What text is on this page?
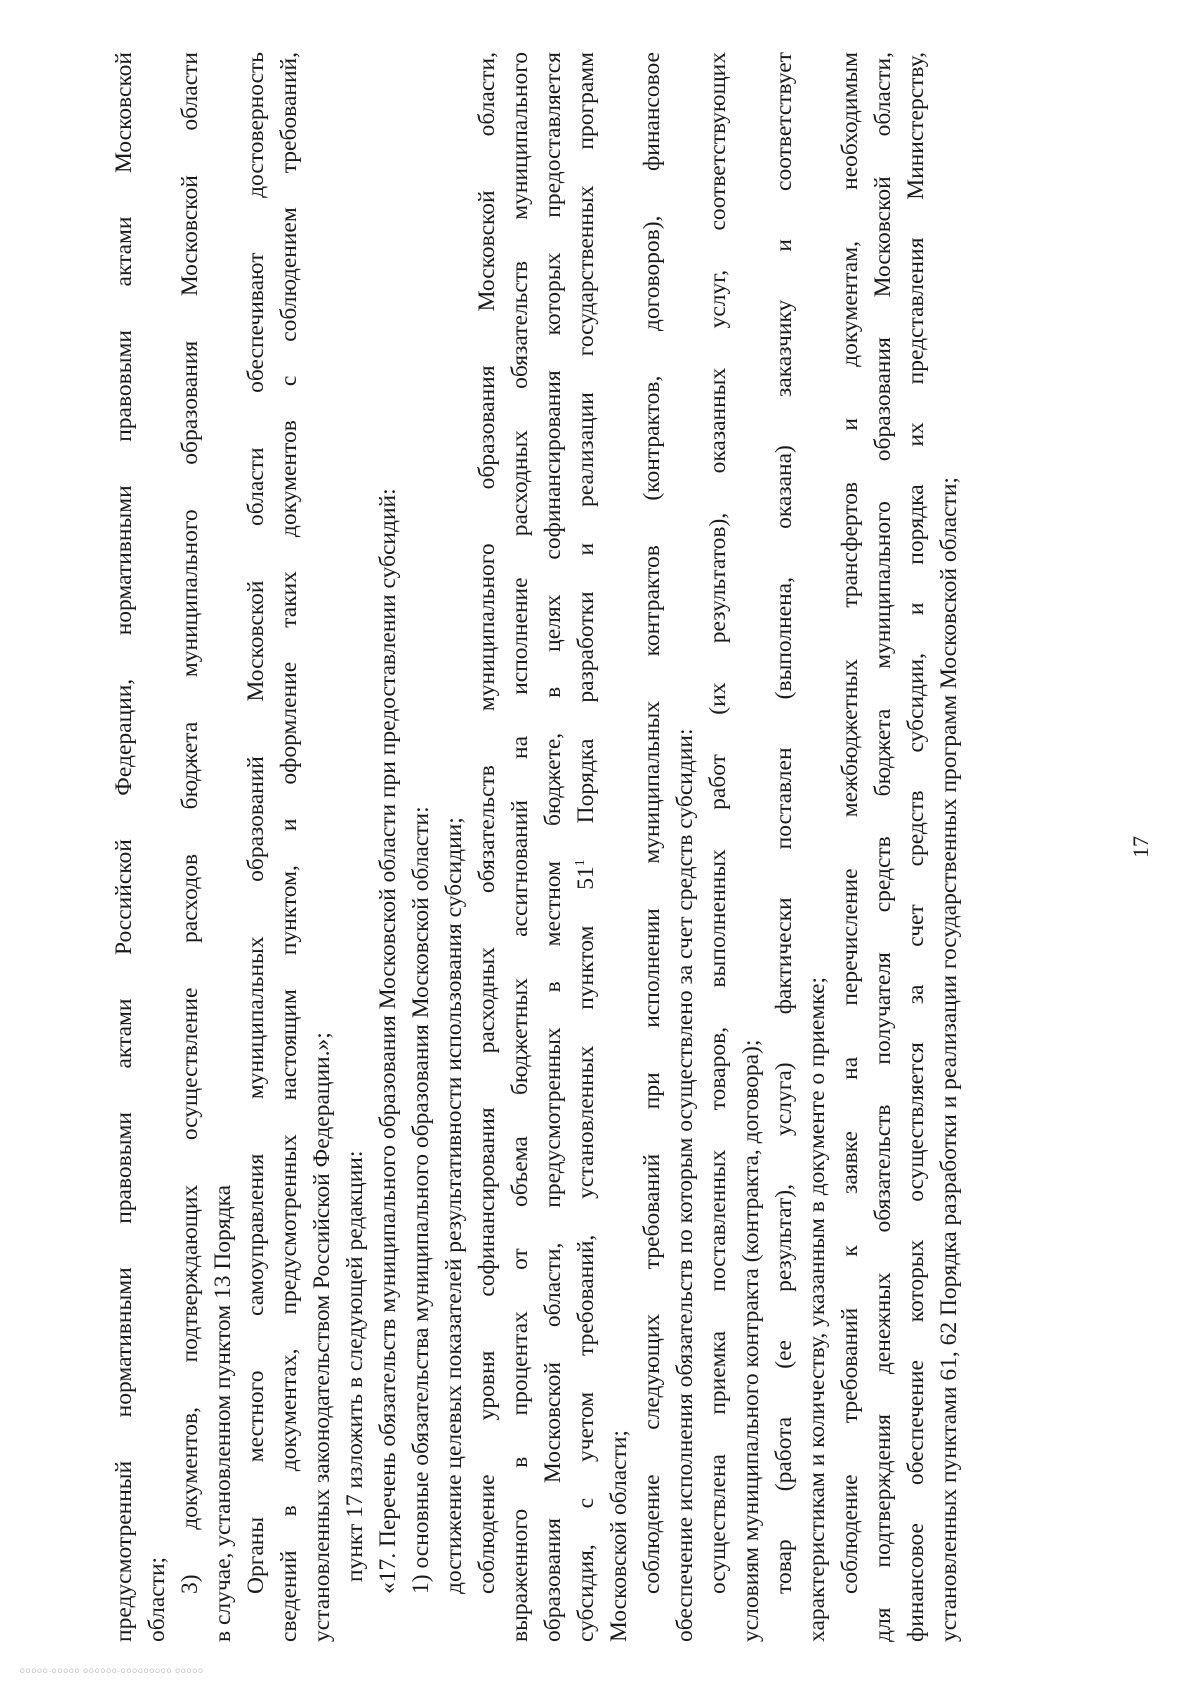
17
предусмотренный нормативными правовыми актами Российской Федерации, нормативными правовыми актами Московской области;
3) документов, подтверждающих осуществление расходов бюджета муниципального образования Московской области в случае, установленном пунктом 13 Порядка Органы местного самоуправления муниципальных образований Московской области обеспечивают достоверность сведений в документах, предусмотренных настоящим пунктом, и оформление таких документов с соблюдением требований, установленных законодательством Российской Федерации.»; пункт 17 изложить в следующей редакции: «17. Перечень обязательств муниципального образования Московской области при предоставлении субсидий: 1) основные обязательства муниципального образования Московской области: достижение целевых показателей результативности использования субсидии; соблюдение уровня софинансирования расходных обязательств муниципального образования Московской области, выраженного в процентах от объема бюджетных ассигнований на исполнение расходных обязательств муниципального образования Московской области, предусмотренных в местном бюджете, в целях софинансирования которых предоставляется субсидия, с учетом требований, установленных пунктом $51^1$ Порядка разработки и реализации государственных программ
Московской области; соблюдение следующих требований при исполнении муниципальных контрактов (контрактов, договоров), финансовое обеспечение исполнения обязательств по которым осуществлено за счет средств субсидии: осуществлена приемка поставленных товаров, выполненных работ (их результатов), оказанных услуг, соответствующих условиям муниципального контракта (контракта, договора); товар (работа (ее результат), услуга) фактически поставлен (выполнена, оказана) заказчику и соответствует характеристикам и количеству, указанным в документе о приемке; соблюдение требований к заявке на перечисление межбюджетных трансфертов и документам, необходимым для подтверждения денежных обязательств получателя средств бюджета муниципального образования Московской области, финансовое обеспечение которых осуществляется за счет средств субсидии, и порядка их представления Министерству, установленных пунктами 61, 62 Порядка разработки и реализации государственных программ Московской области;
ООООО-ООООО ОООООО-ООООООООО ООООО
